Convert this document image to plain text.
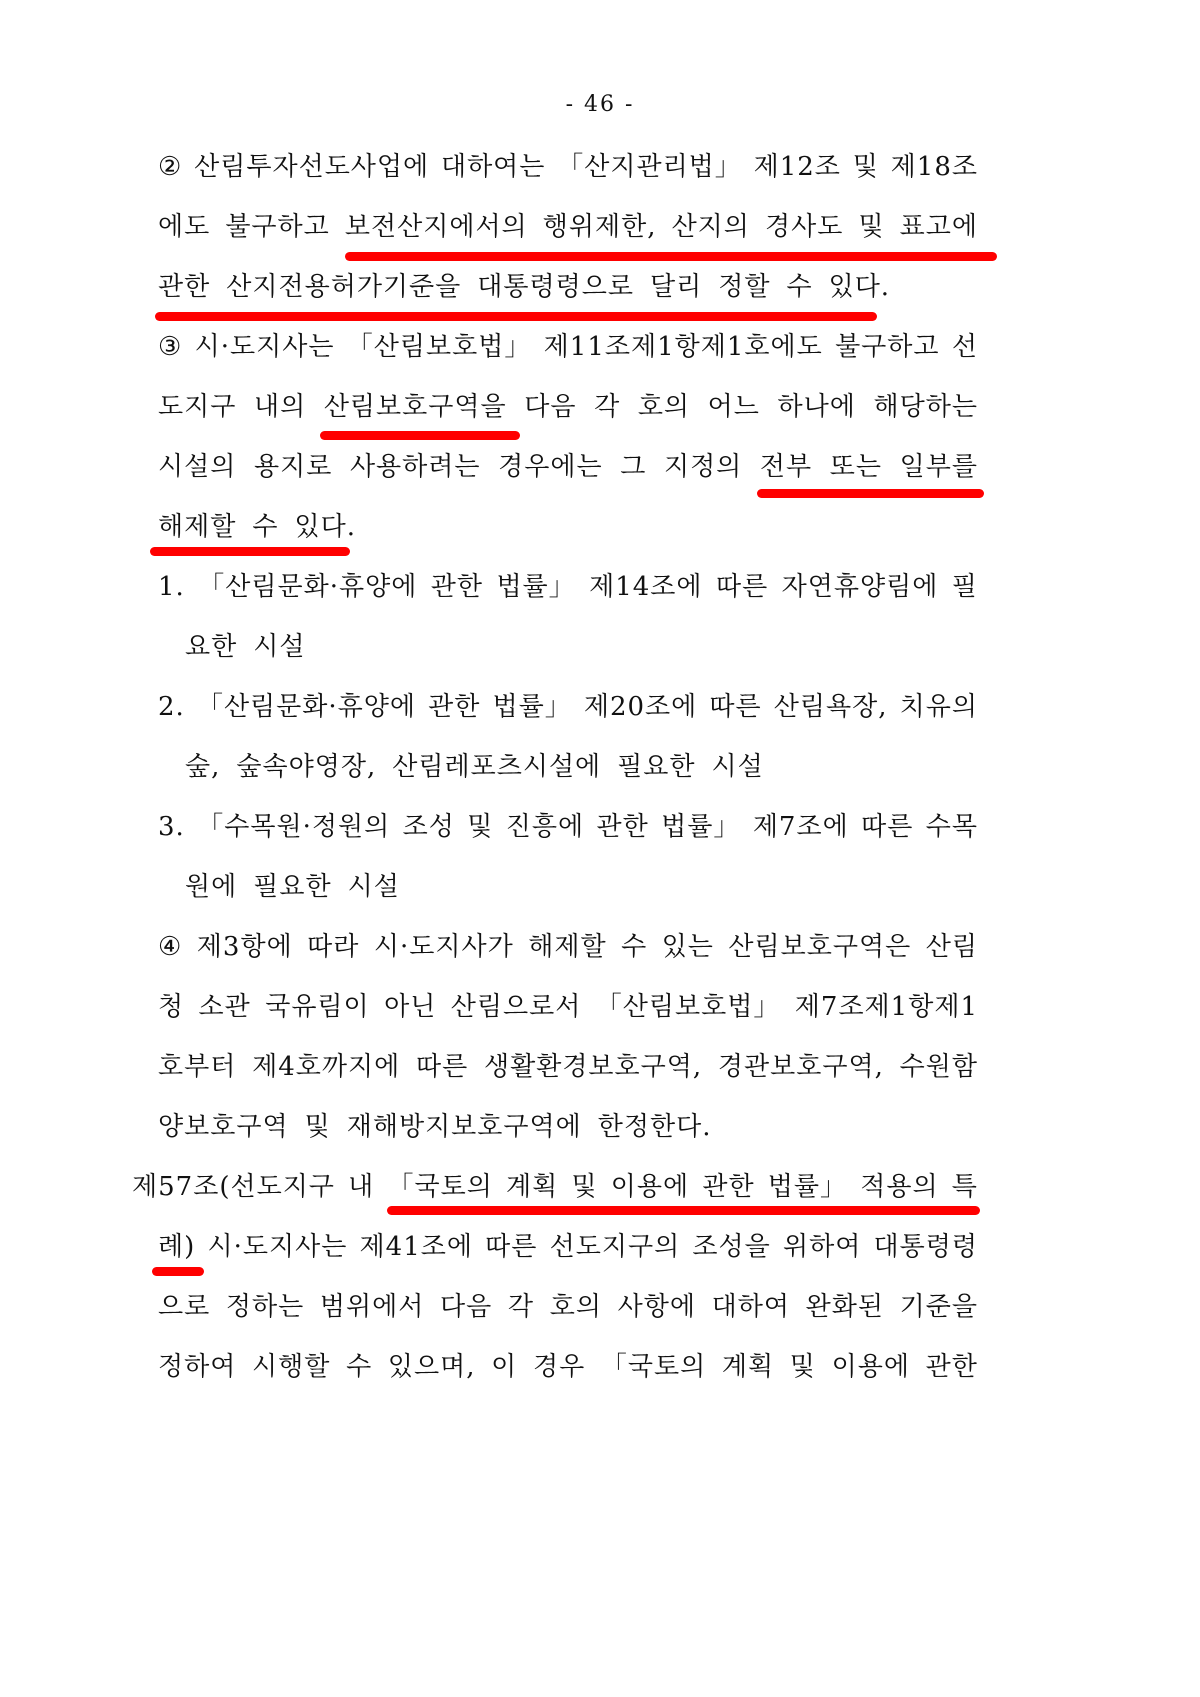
- 46 -
② 산림투자선도사업에 대하여는 「산지관리법」 제12조 및 제18조
에도 불구하고 보전산지에서의 행위제한, 산지의 경사도 및 표고에
관한 산지전용허가기준을 대통령령으로 달리 정할 수 있다.
③ 시·도지사는 「산림보호법」 제11조제1항제1호에도 불구하고 선
도지구 내의 산림보호구역을 다음 각 호의 어느 하나에 해당하는
시설의 용지로 사용하려는 경우에는 그 지정의 전부 또는 일부를
해제할 수 있다.
1. 「산림문화·휴양에 관한 법률」 제14조에 따른 자연휴양림에 필
요한 시설
2. 「산림문화·휴양에 관한 법률」 제20조에 따른 산림욕장, 치유의
숲, 숲속야영장, 산림레포츠시설에 필요한 시설
3. 「수목원·정원의 조성 및 진흥에 관한 법률」 제7조에 따른 수목
원에 필요한 시설
④ 제3항에 따라 시·도지사가 해제할 수 있는 산림보호구역은 산림
청 소관 국유림이 아닌 산림으로서 「산림보호법」 제7조제1항제1
호부터 제4호까지에 따른 생활환경보호구역, 경관보호구역, 수원함
양보호구역 및 재해방지보호구역에 한정한다.
제57조(선도지구 내 「국토의 계획 및 이용에 관한 법률」 적용의 특
례) 시·도지사는 제41조에 따른 선도지구의 조성을 위하여 대통령령
으로 정하는 범위에서 다음 각 호의 사항에 대하여 완화된 기준을
정하여 시행할 수 있으며, 이 경우 「국토의 계획 및 이용에 관한
